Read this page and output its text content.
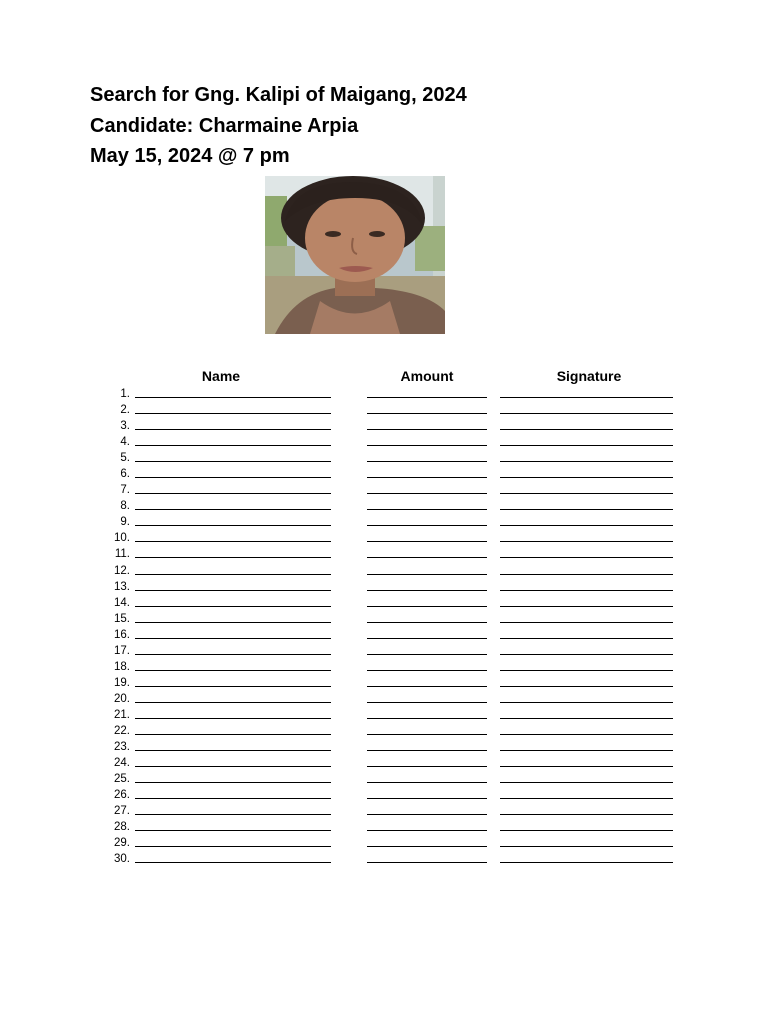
Search for Gng. Kalipi of Maigang, 2024
Candidate: Charmaine Arpia
May 15, 2024 @ 7 pm
Name	Amount	Signature
1.
2.
3.
4.
5.
6.
7.
8.
9.
10.
11.
12.
13.
14.
15.
16.
17.
18.
19.
20.
21.
22.
23.
24.
25.
26.
27.
28.
29.
30.
